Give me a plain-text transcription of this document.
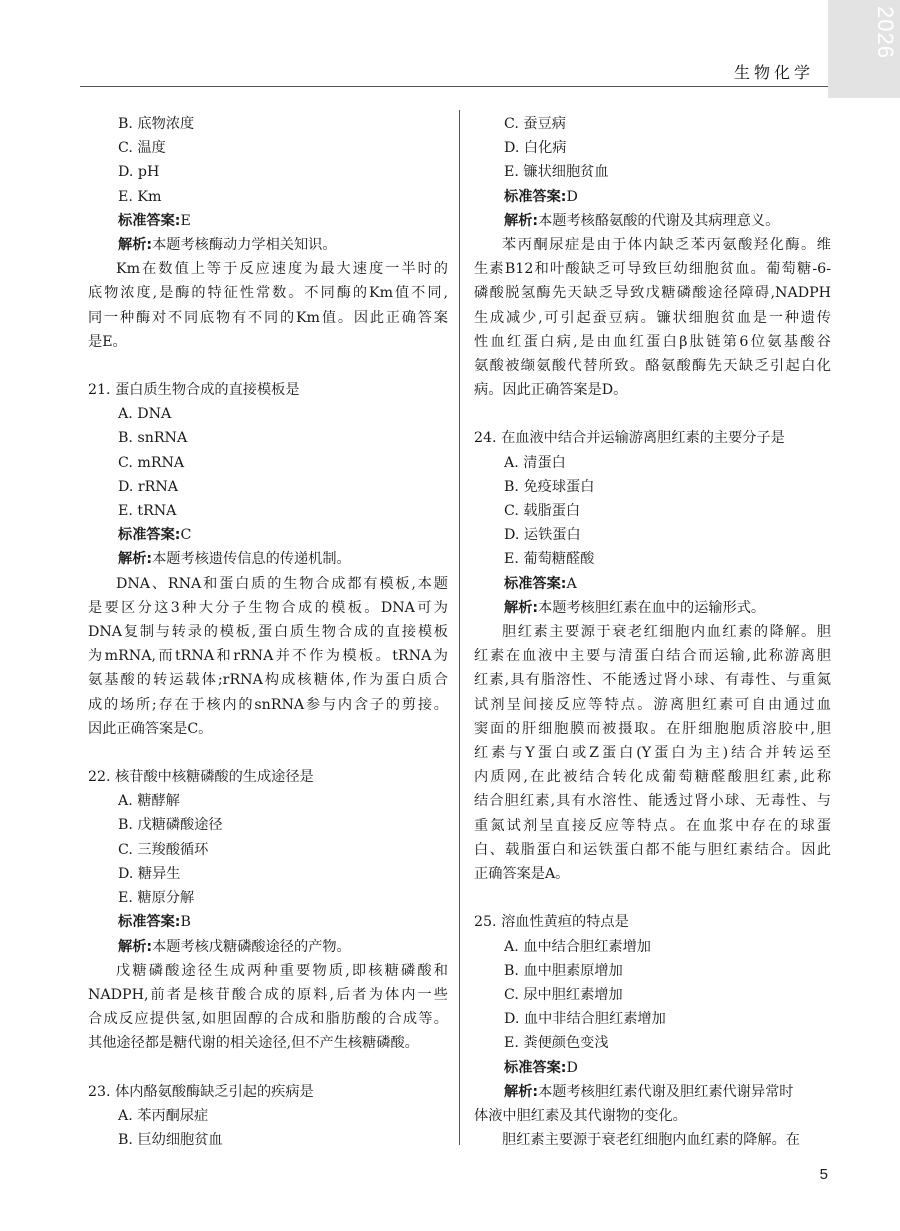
2026
生物化学
B. 底物浓度
C. 温度
D. pH
E. Km
标准答案:E
解析:本题考核酶动力学相关知识。
Km在数值上等于反应速度为最大速度一半时的
底物浓度,是酶的特征性常数。不同酶的Km值不同,
同一种酶对不同底物有不同的Km值。因此正确答案
是E。
21. 蛋白质生物合成的直接模板是
A. DNA
B. snRNA
C. mRNA
D. rRNA
E. tRNA
标准答案:C
解析:本题考核遗传信息的传递机制。
DNA、RNA和蛋白质的生物合成都有模板,本题
是要区分这3种大分子生物合成的模板。DNA可为
DNA复制与转录的模板,蛋白质生物合成的直接模板
为mRNA,而tRNA和rRNA并不作为模板。tRNA为
氨基酸的转运载体;rRNA构成核糖体,作为蛋白质合
成的场所;存在于核内的snRNA参与内含子的剪接。
因此正确答案是C。
22. 核苷酸中核糖磷酸的生成途径是
A. 糖酵解
B. 戊糖磷酸途径
C. 三羧酸循环
D. 糖异生
E. 糖原分解
标准答案:B
解析:本题考核戊糖磷酸途径的产物。
戊糖磷酸途径生成两种重要物质,即核糖磷酸和
NADPH,前者是核苷酸合成的原料,后者为体内一些
合成反应提供氢,如胆固醇的合成和脂肪酸的合成等。
其他途径都是糖代谢的相关途径,但不产生核糖磷酸。
23. 体内酪氨酸酶缺乏引起的疾病是
A. 苯丙酮尿症
B. 巨幼细胞贫血
C. 蚕豆病
D. 白化病
E. 镰状细胞贫血
标准答案:D
解析:本题考核酪氨酸的代谢及其病理意义。
苯丙酮尿症是由于体内缺乏苯丙氨酸羟化酶。维
生素B12和叶酸缺乏可导致巨幼细胞贫血。葡萄糖-6-
磷酸脱氢酶先天缺乏导致戊糖磷酸途径障碍,NADPH
生成减少,可引起蚕豆病。镰状细胞贫血是一种遗传
性血红蛋白病,是由血红蛋白β肽链第6位氨基酸谷
氨酸被缬氨酸代替所致。酪氨酸酶先天缺乏引起白化
病。因此正确答案是D。
24. 在血液中结合并运输游离胆红素的主要分子是
A. 清蛋白
B. 免疫球蛋白
C. 载脂蛋白
D. 运铁蛋白
E. 葡萄糖醛酸
标准答案:A
解析:本题考核胆红素在血中的运输形式。
胆红素主要源于衰老红细胞内血红素的降解。胆
红素在血液中主要与清蛋白结合而运输,此称游离胆
红素,具有脂溶性、不能透过肾小球、有毒性、与重氮
试剂呈间接反应等特点。游离胆红素可自由通过血
窦面的肝细胞膜而被摄取。在肝细胞胞质溶胶中,胆
红素与Y蛋白或Z蛋白(Y蛋白为主)结合并转运至
内质网,在此被结合转化成葡萄糖醛酸胆红素,此称
结合胆红素,具有水溶性、能透过肾小球、无毒性、与
重氮试剂呈直接反应等特点。在血浆中存在的球蛋
白、载脂蛋白和运铁蛋白都不能与胆红素结合。因此
正确答案是A。
25. 溶血性黄疸的特点是
A. 血中结合胆红素增加
B. 血中胆素原增加
C. 尿中胆红素增加
D. 血中非结合胆红素增加
E. 粪便颜色变浅
标准答案:D
解析:本题考核胆红素代谢及胆红素代谢异常时
体液中胆红素及其代谢物的变化。
胆红素主要源于衰老红细胞内血红素的降解。在
5
